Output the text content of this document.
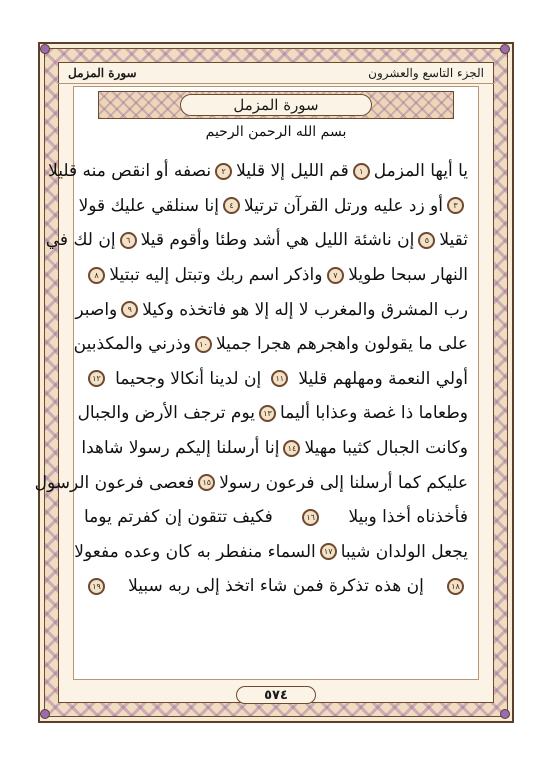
الجزء التاسع والعشرون
سورة المزمل
سورة المزمل
بسم الله الرحمن الرحيم
يا أيها المزمل
١
قم الليل إلا قليلا
٢
نصفه أو انقص منه قليلا
٣
أو زد عليه ورتل القرآن ترتيلا
٤
إنا سنلقي عليك قولا
ثقيلا
٥
إن ناشئة الليل هي أشد وطئا وأقوم قيلا
٦
إن لك في
النهار سبحا طويلا
٧
واذكر اسم ربك وتبتل إليه تبتيلا
٨
رب المشرق والمغرب لا إله إلا هو فاتخذه وكيلا
٩
واصبر
على ما يقولون واهجرهم هجرا جميلا
١٠
وذرني والمكذبين
أولي النعمة ومهلهم قليلا
١١
إن لدينا أنكالا وجحيما
١٢
وطعاما ذا غصة وعذابا أليما
١٣
يوم ترجف الأرض والجبال
وكانت الجبال كثيبا مهيلا
١٤
إنا أرسلنا إليكم رسولا شاهدا
عليكم كما أرسلنا إلى فرعون رسولا
١٥
فعصى فرعون الرسول
فأخذناه أخذا وبيلا
١٦
فكيف تتقون إن كفرتم يوما
يجعل الولدان شيبا
١٧
السماء منفطر به كان وعده مفعولا
١٨
إن هذه تذكرة فمن شاء اتخذ إلى ربه سبيلا
١٩
٥٧٤
